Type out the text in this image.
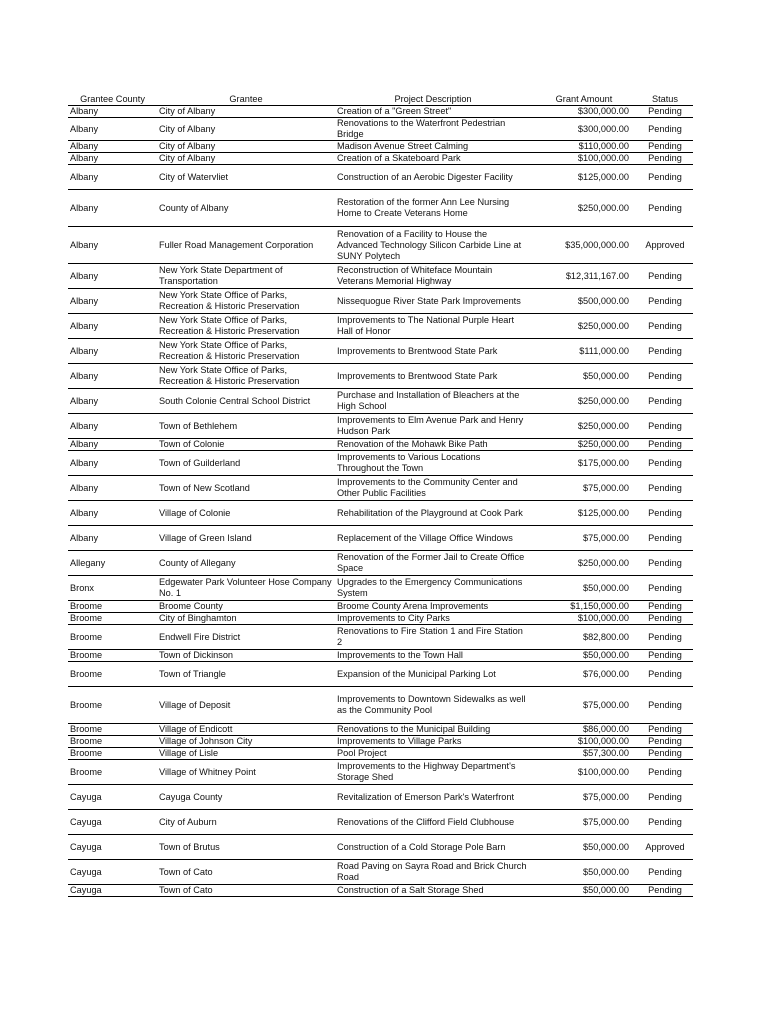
Grantee County	Grantee	Project Description	Grant Amount	Status
Albany	City of Albany	Creation of a "Green Street"	$300,000.00	Pending
Albany	City of Albany	Renovations to the Waterfront Pedestrian Bridge	$300,000.00	Pending
Albany	City of Albany	Madison Avenue Street Calming	$110,000.00	Pending
Albany	City of Albany	Creation of a Skateboard Park	$100,000.00	Pending
Albany	City of Watervliet	Construction of an Aerobic Digester Facility	$125,000.00	Pending
Albany	County of Albany	Restoration of the former Ann Lee Nursing Home to Create Veterans Home	$250,000.00	Pending
Albany	Fuller Road Management Corporation	Renovation of a Facility to House the Advanced Technology Silicon Carbide Line at SUNY Polytech	$35,000,000.00	Approved
Albany	New York State Department of Transportation	Reconstruction of Whiteface Mountain Veterans Memorial Highway	$12,311,167.00	Pending
Albany	New York State Office of Parks, Recreation & Historic Preservation	Nissequogue River State Park Improvements	$500,000.00	Pending
Albany	New York State Office of Parks, Recreation & Historic Preservation	Improvements to The National Purple Heart Hall of Honor	$250,000.00	Pending
Albany	New York State Office of Parks, Recreation & Historic Preservation	Improvements to Brentwood State Park	$111,000.00	Pending
Albany	New York State Office of Parks, Recreation & Historic Preservation	Improvements to Brentwood State Park	$50,000.00	Pending
Albany	South Colonie Central School District	Purchase and Installation of Bleachers at the High School	$250,000.00	Pending
Albany	Town of Bethlehem	Improvements to Elm Avenue Park and Henry Hudson Park	$250,000.00	Pending
Albany	Town of Colonie	Renovation of the Mohawk Bike Path	$250,000.00	Pending
Albany	Town of Guilderland	Improvements to Various Locations Throughout the Town	$175,000.00	Pending
Albany	Town of New Scotland	Improvements to the Community Center and Other Public Facilities	$75,000.00	Pending
Albany	Village of Colonie	Rehabilitation of the Playground at Cook Park	$125,000.00	Pending
Albany	Village of Green Island	Replacement of the Village Office Windows	$75,000.00	Pending
Allegany	County of Allegany	Renovation of the Former Jail to Create Office Space	$250,000.00	Pending
Bronx	Edgewater Park Volunteer Hose Company No. 1	Upgrades to the Emergency Communications System	$50,000.00	Pending
Broome	Broome County	Broome County Arena Improvements	$1,150,000.00	Pending
Broome	City of Binghamton	Improvements to City Parks	$100,000.00	Pending
Broome	Endwell Fire District	Renovations to Fire Station 1 and Fire Station 2	$82,800.00	Pending
Broome	Town of Dickinson	Improvements to the Town Hall	$50,000.00	Pending
Broome	Town of Triangle	Expansion of the Municipal Parking Lot	$76,000.00	Pending
Broome	Village of Deposit	Improvements to Downtown Sidewalks as well as the Community Pool	$75,000.00	Pending
Broome	Village of Endicott	Renovations to the Municipal Building	$86,000.00	Pending
Broome	Village of Johnson City	Improvements to Village Parks	$100,000.00	Pending
Broome	Village of Lisle	Pool Project	$57,300.00	Pending
Broome	Village of Whitney Point	Improvements to the Highway Department's Storage Shed	$100,000.00	Pending
Cayuga	Cayuga County	Revitalization of Emerson Park's Waterfront	$75,000.00	Pending
Cayuga	City of Auburn	Renovations of the Clifford Field Clubhouse	$75,000.00	Pending
Cayuga	Town of Brutus	Construction of a Cold Storage Pole Barn	$50,000.00	Approved
Cayuga	Town of Cato	Road Paving on Sayra Road and Brick Church Road	$50,000.00	Pending
Cayuga	Town of Cato	Construction of a Salt Storage Shed	$50,000.00	Pending
